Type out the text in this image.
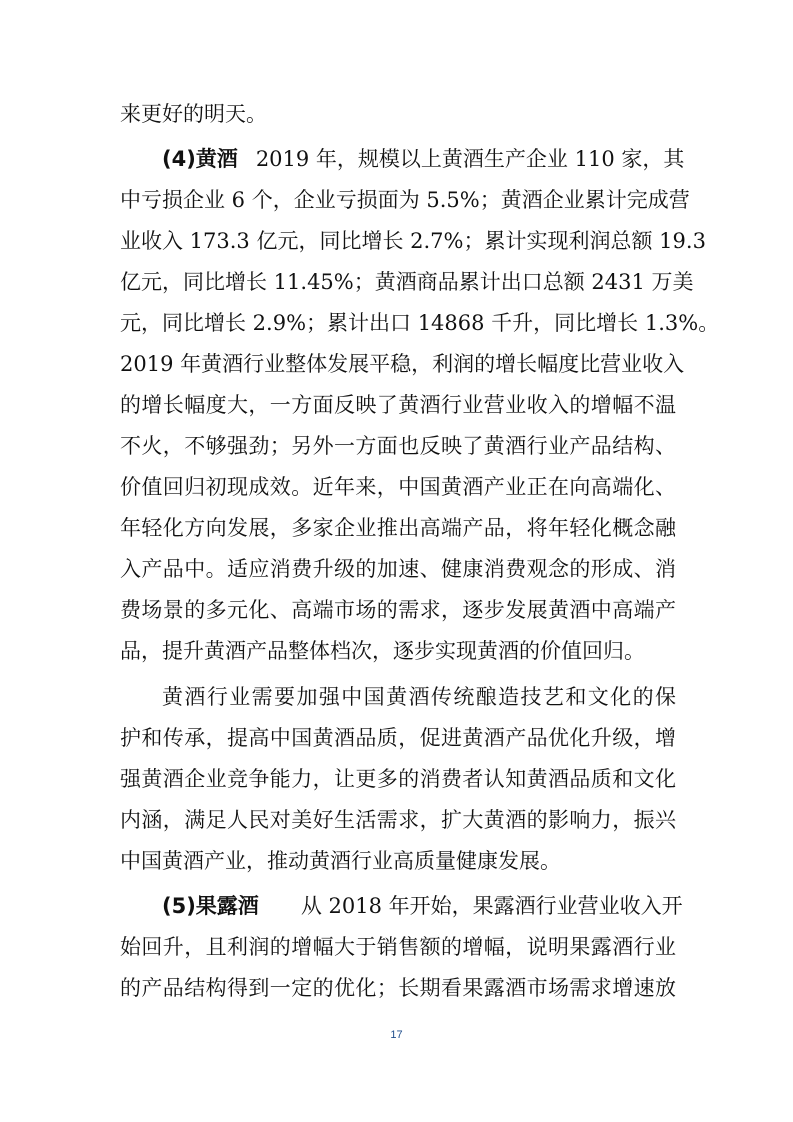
来更好的明天。
(4)黄酒 2019 年，规模以上黄酒生产企业 110 家，其
中亏损企业 6 个，企业亏损面为 5.5%；黄酒企业累计完成营
业收入 173.3 亿元，同比增长 2.7%；累计实现利润总额 19.3
亿元，同比增长 11.45%；黄酒商品累计出口总额 2431 万美
元，同比增长 2.9%；累计出口 14868 千升，同比增长 1.3%。
2019 年黄酒行业整体发展平稳，利润的增长幅度比营业收入
的增长幅度大，一方面反映了黄酒行业营业收入的增幅不温
不火，不够强劲；另外一方面也反映了黄酒行业产品结构、
价值回归初现成效。近年来，中国黄酒产业正在向高端化、
年轻化方向发展，多家企业推出高端产品，将年轻化概念融
入产品中。适应消费升级的加速、健康消费观念的形成、消
费场景的多元化、高端市场的需求，逐步发展黄酒中高端产
品，提升黄酒产品整体档次，逐步实现黄酒的价值回归。
黄酒行业需要加强中国黄酒传统酿造技艺和文化的保
护和传承，提高中国黄酒品质，促进黄酒产品优化升级，增
强黄酒企业竞争能力，让更多的消费者认知黄酒品质和文化
内涵，满足人民对美好生活需求，扩大黄酒的影响力，振兴
中国黄酒产业，推动黄酒行业高质量健康发展。
(5)果露酒 从 2018 年开始，果露酒行业营业收入开
始回升，且利润的增幅大于销售额的增幅，说明果露酒行业
的产品结构得到一定的优化；长期看果露酒市场需求增速放
17
